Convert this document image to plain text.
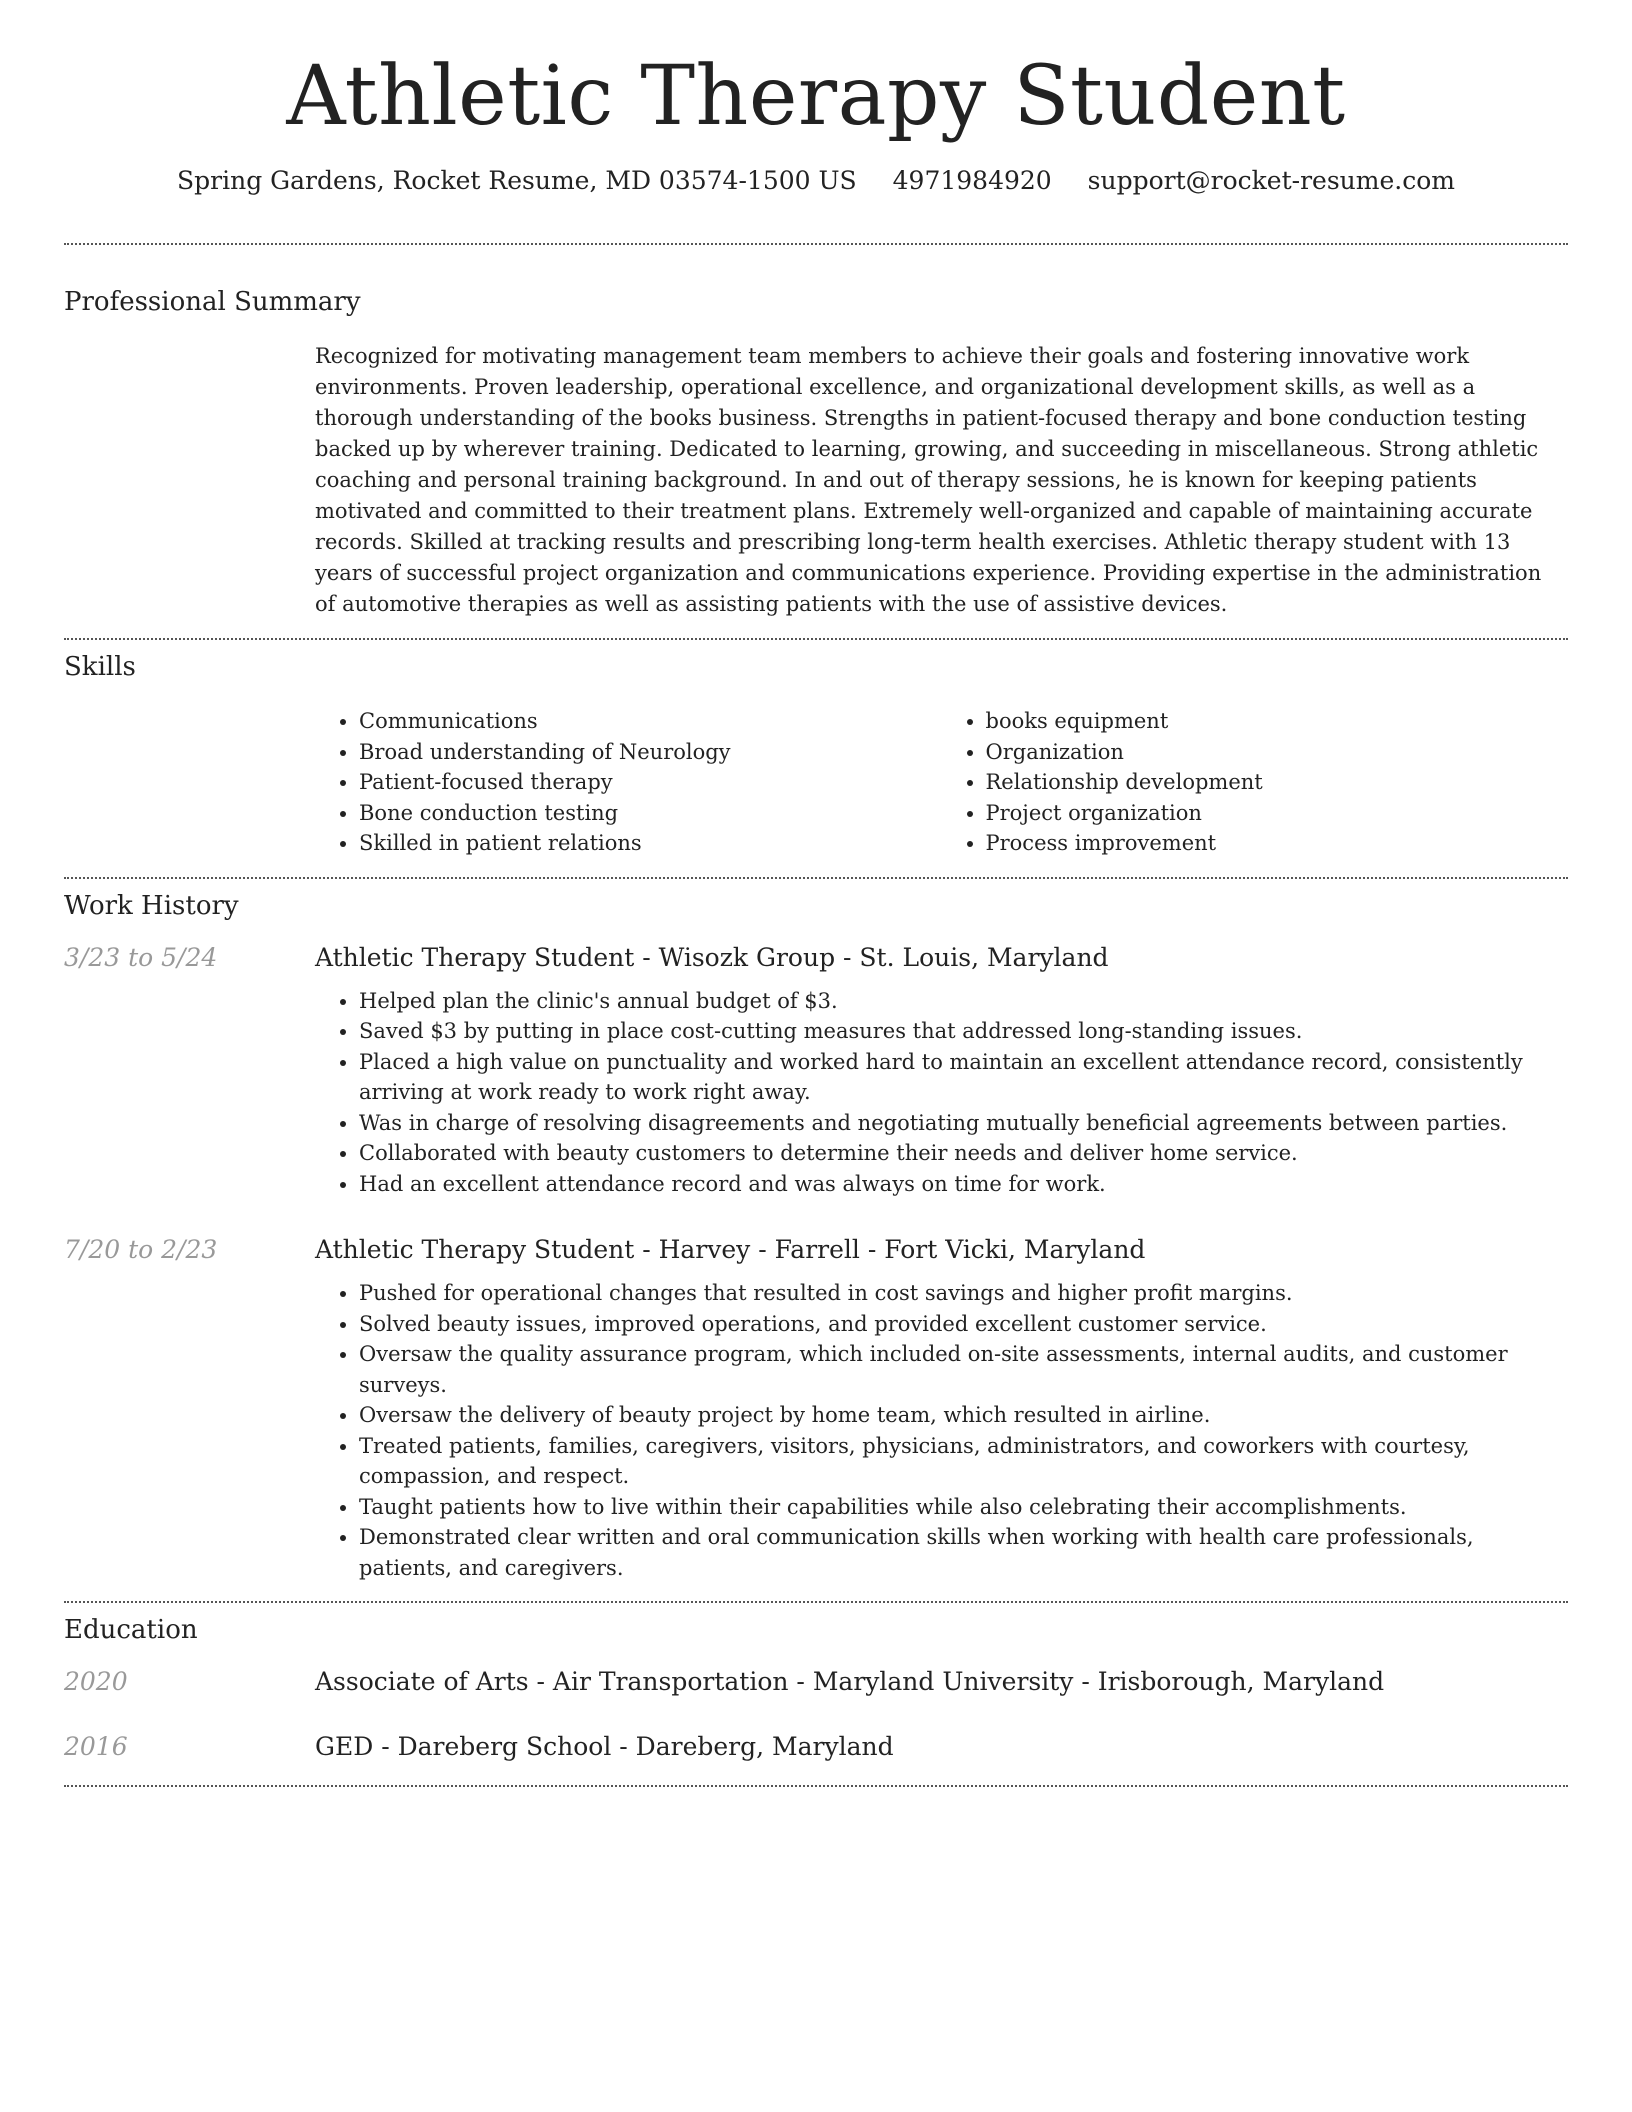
Athletic Therapy Student
Spring Gardens, Rocket Resume, MD 03574-1500 US 4971984920 support@rocket-resume.com
Professional Summary

Recognized for motivating management team members to achieve their goals and fostering innovative work environments. Proven leadership, operational excellence, and organizational development skills, as well as a thorough understanding of the books business. Strengths in patient-focused therapy and bone conduction testing backed up by wherever training. Dedicated to learning, growing, and succeeding in miscellaneous. Strong athletic coaching and personal training background. In and out of therapy sessions, he is known for keeping patients motivated and committed to their treatment plans. Extremely well-organized and capable of maintaining accurate records. Skilled at tracking results and prescribing long-term health exercises. Athletic therapy student with 13 years of successful project organization and communications experience. Providing expertise in the administration of automotive therapies as well as assisting patients with the use of assistive devices.

Skills
• Communications
• Broad understanding of Neurology
• Patient-focused therapy
• Bone conduction testing
• Skilled in patient relations
• books equipment
• Organization
• Relationship development
• Project organization
• Process improvement
Work History
3/23 to 5/24	Athletic Therapy Student - Wisozk Group - St. Louis, Maryland
• Helped plan the clinic's annual budget of $3.
• Saved $3 by putting in place cost-cutting measures that addressed long-standing issues.
• Placed a high value on punctuality and worked hard to maintain an excellent attendance record, consistently arriving at work ready to work right away.
• Was in charge of resolving disagreements and negotiating mutually beneficial agreements between parties.
• Collaborated with beauty customers to determine their needs and deliver home service.
• Had an excellent attendance record and was always on time for work.
7/20 to 2/23	Athletic Therapy Student - Harvey - Farrell - Fort Vicki, Maryland
• Pushed for operational changes that resulted in cost savings and higher profit margins.
• Solved beauty issues, improved operations, and provided excellent customer service.
• Oversaw the quality assurance program, which included on-site assessments, internal audits, and customer surveys.
• Oversaw the delivery of beauty project by home team, which resulted in airline.
• Treated patients, families, caregivers, visitors, physicians, administrators, and coworkers with courtesy, compassion, and respect.
• Taught patients how to live within their capabilities while also celebrating their accomplishments.
• Demonstrated clear written and oral communication skills when working with health care professionals, patients, and caregivers.
Education
2020	Associate of Arts - Air Transportation - Maryland University - Irisborough, Maryland
2016	GED - Dareberg School - Dareberg, Maryland
